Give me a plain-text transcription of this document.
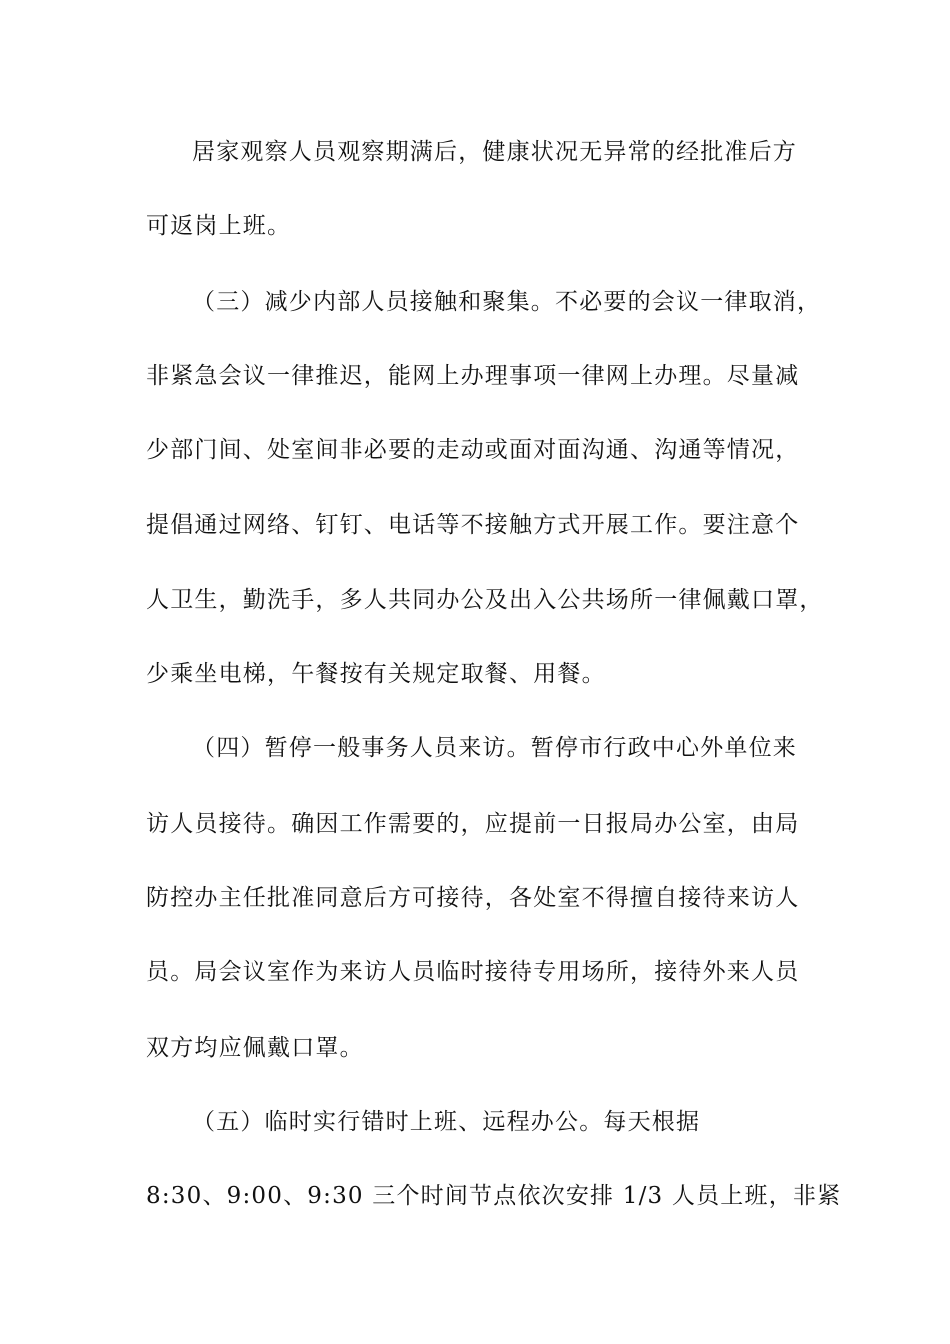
居家观察人员观察期满后，健康状况无异常的经批准后方
可返岗上班。
（三）减少内部人员接触和聚集。不必要的会议一律取消，
非紧急会议一律推迟，能网上办理事项一律网上办理。尽量减
少部门间、处室间非必要的走动或面对面沟通、沟通等情况，
提倡通过网络、钉钉、电话等不接触方式开展工作。要注意个
人卫生，勤洗手，多人共同办公及出入公共场所一律佩戴口罩，
少乘坐电梯，午餐按有关规定取餐、用餐。
（四）暂停一般事务人员来访。暂停市行政中心外单位来
访人员接待。确因工作需要的，应提前一日报局办公室，由局
防控办主任批准同意后方可接待，各处室不得擅自接待来访人
员。局会议室作为来访人员临时接待专用场所，接待外来人员
双方均应佩戴口罩。
（五）临时实行错时上班、远程办公。每天根据
8:30、9:00、9:30 三个时间节点依次安排 1/3 人员上班，非紧
